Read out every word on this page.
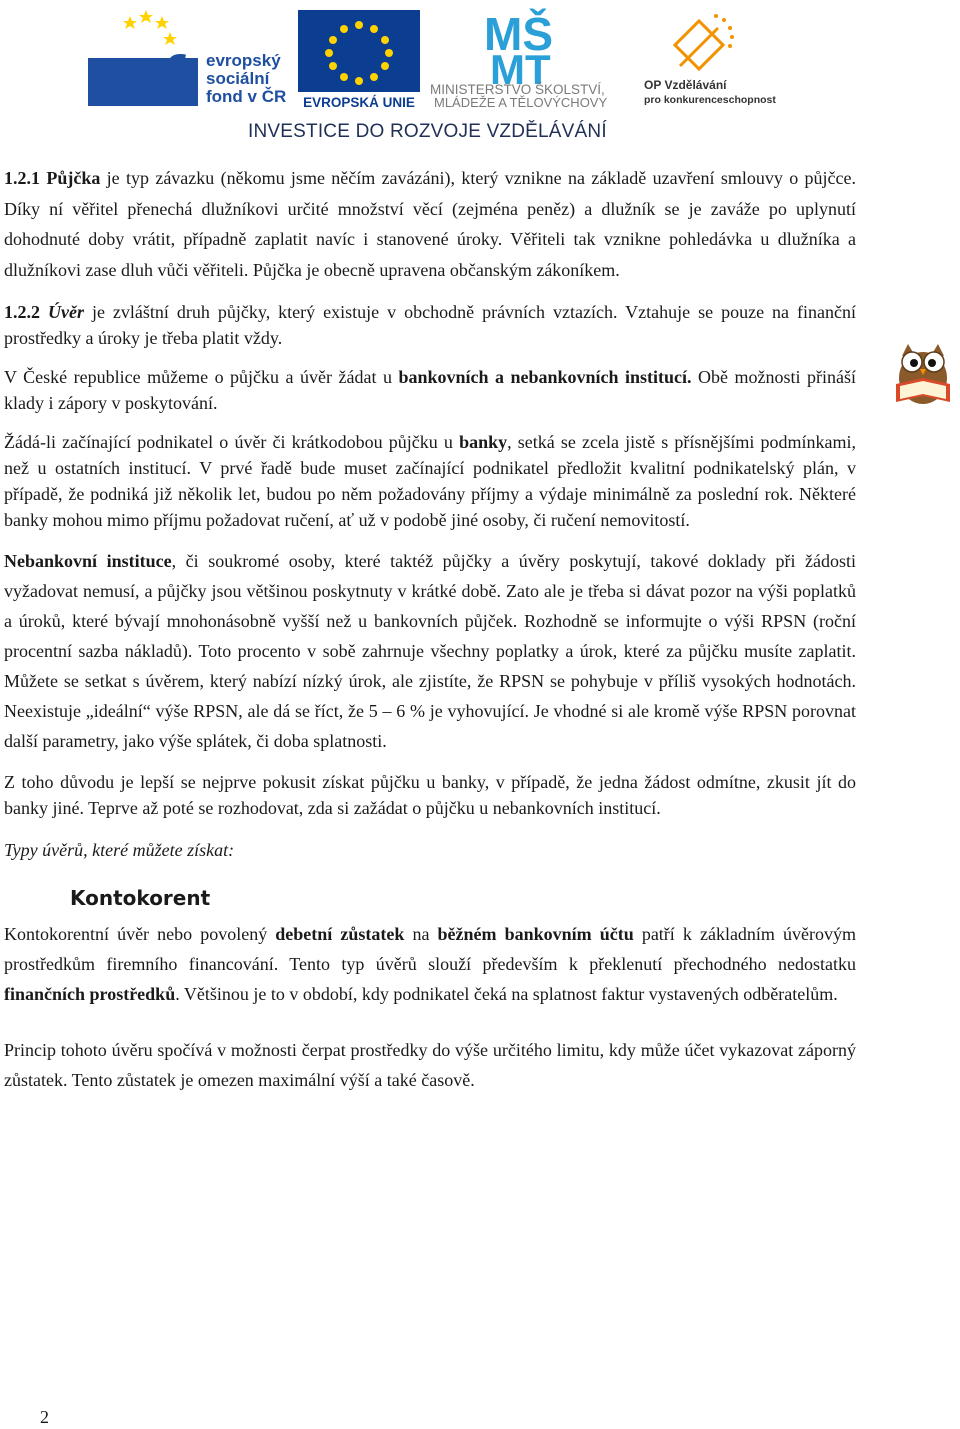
esf	evropský
sociální
fond v ČR EVROPSKÁ UNIE
MŠ
MT
MINISTERSTVO ŠKOLSTVÍ,
MLÁDEŽE A TĚLOVÝCHOVY
OP Vzdělávání
pro konkurenceschopnost
INVESTICE DO ROZVOJE VZDĚLÁVÁNÍ

1.2.1 Půjčka je typ závazku (někomu jsme něčím zavázáni), který vznikne na základě uzavření smlouvy o půjčce. Díky ní věřitel přenechá dlužníkovi určité množství věcí (zejména peněz) a dlužník se je zaváže po uplynutí dohodnuté doby vrátit, případně zaplatit navíc i stanovené úroky. Věřiteli tak vznikne pohledávka u dlužníka a dlužníkovi zase dluh vůči věřiteli. Půjčka je obecně upravena občanským zákoníkem.

1.2.2 Úvěr je zvláštní druh půjčky, který existuje v obchodně právních vztazích. Vztahuje se pouze na finanční prostředky a úroky je třeba platit vždy.

V České republice můžeme o půjčku a úvěr žádat u bankovních a nebankovních institucí. Obě možnosti přináší klady i zápory v poskytování.

Žádá-li začínající podnikatel o úvěr či krátkodobou půjčku u banky, setká se zcela jistě s přísnějšími podmínkami, než u ostatních institucí. V prvé řadě bude muset začínající podnikatel předložit kvalitní podnikatelský plán, v případě, že podniká již několik let, budou po něm požadovány příjmy a výdaje minimálně za poslední rok. Některé banky mohou mimo příjmu požadovat ručení, ať už v podobě jiné osoby, či ručení nemovitostí.

Nebankovní instituce, či soukromé osoby, které taktéž půjčky a úvěry poskytují, takové doklady při žádosti vyžadovat nemusí, a půjčky jsou většinou poskytnuty v krátké době. Zato ale je třeba si dávat pozor na výši poplatků a úroků, které bývají mnohonásobně vyšší než u bankovních půjček. Rozhodně se informujte o výši RPSN (roční procentní sazba nákladů). Toto procento v sobě zahrnuje všechny poplatky a úrok, které za půjčku musíte zaplatit. Můžete se setkat s úvěrem, který nabízí nízký úrok, ale zjistíte, že RPSN se pohybuje v příliš vysokých hodnotách. Neexistuje „ideální“ výše RPSN, ale dá se říct, že 5 – 6 % je vyhovující. Je vhodné si ale kromě výše RPSN porovnat další parametry, jako výše splátek, či doba splatnosti.

Z toho důvodu je lepší se nejprve pokusit získat půjčku u banky, v případě, že jedna žádost odmítne, zkusit jít do banky jiné. Teprve až poté se rozhodovat, zda si zažádat o půjčku u nebankovních institucí.

Typy úvěrů, které můžete získat:

Kontokorent

Kontokorentní úvěr nebo povolený debetní zůstatek na běžném bankovním účtu patří k základním úvěrovým prostředkům firemního financování. Tento typ úvěrů slouží především k překlenutí přechodného nedostatku finančních prostředků. Většinou je to v období, kdy podnikatel čeká na splatnost faktur vystavených odběratelům.

Princip tohoto úvěru spočívá v možnosti čerpat prostředky do výše určitého limitu, kdy může účet vykazovat záporný zůstatek. Tento zůstatek je omezen maximální výší a také časově.

2
